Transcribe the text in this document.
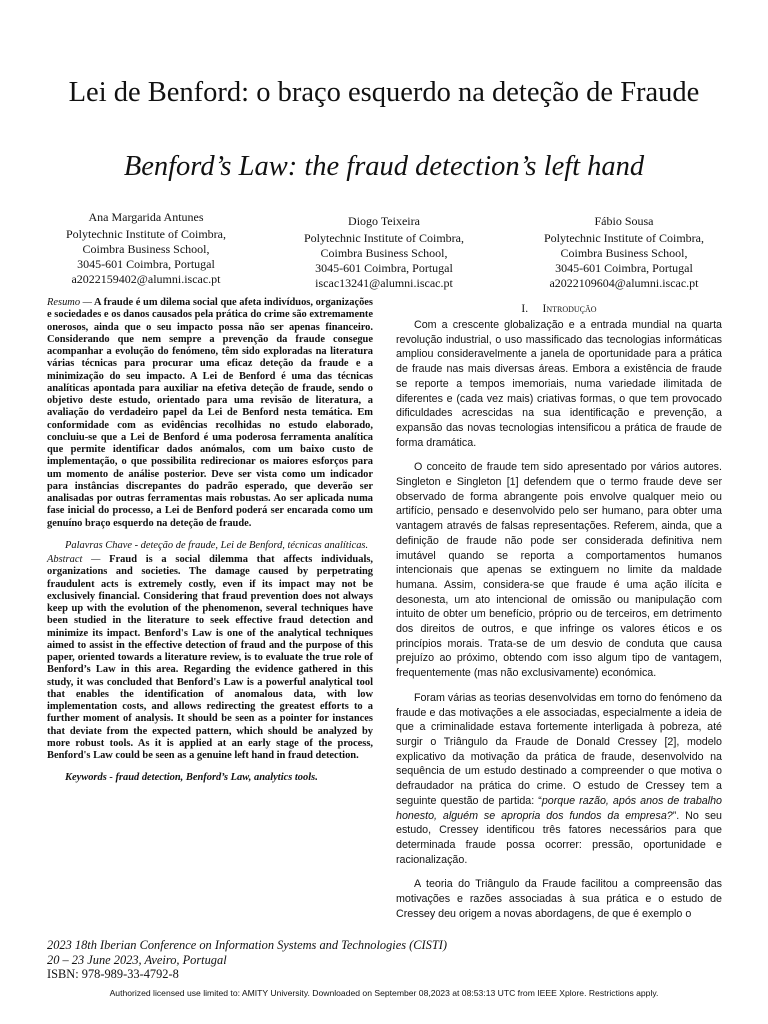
Lei de Benford: o braço esquerdo na deteção de Fraude
Benford’s Law: the fraud detection’s left hand
Ana Margarida Antunes
Polytechnic Institute of Coimbra,
Coimbra Business School,
3045-601 Coimbra, Portugal
a2022159402@alumni.iscac.pt
Diogo Teixeira
Polytechnic Institute of Coimbra,
Coimbra Business School,
3045-601 Coimbra, Portugal
iscac13241@alumni.iscac.pt
Fábio Sousa
Polytechnic Institute of Coimbra,
Coimbra Business School,
3045-601 Coimbra, Portugal
a2022109604@alumni.iscac.pt

Resumo — A fraude é um dilema social que afeta indivíduos, organizações e sociedades e os danos causados pela prática do crime são extremamente onerosos, ainda que o seu impacto possa não ser apenas financeiro. Considerando que nem sempre a prevenção da fraude consegue acompanhar a evolução do fenómeno, têm sido exploradas na literatura várias técnicas para procurar uma eficaz deteção da fraude e a minimização do seu impacto. A Lei de Benford é uma das técnicas analíticas apontada para auxiliar na efetiva deteção de fraude, sendo o objetivo deste estudo, orientado para uma revisão de literatura, a avaliação do verdadeiro papel da Lei de Benford nesta temática. Em conformidade com as evidências recolhidas no estudo elaborado, concluiu-se que a Lei de Benford é uma poderosa ferramenta analítica que permite identificar dados anómalos, com um baixo custo de implementação, o que possibilita redirecionar os maiores esforços para um momento de análise posterior. Deve ser vista como um indicador para instâncias discrepantes do padrão esperado, que deverão ser analisadas por outras ferramentas mais robustas. Ao ser aplicada numa fase inicial do processo, a Lei de Benford poderá ser encarada como um genuíno braço esquerdo na deteção de fraude.

Palavras Chave - deteção de fraude, Lei de Benford, técnicas analíticas.

Abstract — Fraud is a social dilemma that affects individuals, organizations and societies. The damage caused by perpetrating fraudulent acts is extremely costly, even if its impact may not be exclusively financial. Considering that fraud prevention does not always keep up with the evolution of the phenomenon, several techniques have been studied in the literature to seek effective fraud detection and minimize its impact. Benford's Law is one of the analytical techniques aimed to assist in the effective detection of fraud and the purpose of this paper, oriented towards a literature review, is to evaluate the true role of Benford’s Law in this area. Regarding the evidence gathered in this study, it was concluded that Benford's Law is a powerful analytical tool that enables the identification of anomalous data, with low implementation costs, and allows redirecting the greatest efforts to a further moment of analysis. It should be seen as a pointer for instances that deviate from the expected pattern, which should be analyzed by more robust tools. As it is applied at an early stage of the process, Benford's Law could be seen as a genuine left hand in fraud detection.

Keywords - fraud detection, Benford’s Law, analytics tools.

I. Introdução

Com a crescente globalização e a entrada mundial na quarta revolução industrial, o uso massificado das tecnologias informáticas ampliou consideravelmente a janela de oportunidade para a prática de fraude nas mais diversas áreas. Embora a existência de fraude se reporte a tempos imemoriais, numa variedade ilimitada de diferentes e (cada vez mais) criativas formas, o que tem provocado dificuldades acrescidas na sua identificação e prevenção, a expansão das novas tecnologias intensificou a prática de fraude de forma dramática.

O conceito de fraude tem sido apresentado por vários autores. Singleton e Singleton [1] defendem que o termo fraude deve ser observado de forma abrangente pois envolve qualquer meio ou artifício, pensado e desenvolvido pelo ser humano, para obter uma vantagem através de falsas representações. Referem, ainda, que a definição de fraude não pode ser considerada definitiva nem imutável quando se reporta a comportamentos humanos intencionais que apenas se extinguem no limite da maldade humana. Assim, considera-se que fraude é uma ação ilícita e desonesta, um ato intencional de omissão ou manipulação com intuito de obter um benefício, próprio ou de terceiros, em detrimento dos direitos de outros, e que infringe os valores éticos e os princípios morais. Trata-se de um desvio de conduta que causa prejuízo ao próximo, obtendo com isso algum tipo de vantagem, frequentemente (mas não exclusivamente) económica.

Foram várias as teorias desenvolvidas em torno do fenómeno da fraude e das motivações a ele associadas, especialmente a ideia de que a criminalidade estava fortemente interligada à pobreza, até surgir o Triângulo da Fraude de Donald Cressey [2], modelo explicativo da motivação da prática de fraude, desenvolvido na sequência de um estudo destinado a compreender o que motiva o defraudador na prática do crime. O estudo de Cressey tem a seguinte questão de partida: “porque razão, após anos de trabalho honesto, alguém se apropria dos fundos da empresa?”. No seu estudo, Cressey identificou três fatores necessários para que determinada fraude possa ocorrer: pressão, oportunidade e racionalização.

A teoria do Triângulo da Fraude facilitou a compreensão das motivações e razões associadas à sua prática e o estudo de Cressey deu origem a novas abordagens, de que é exemplo o

2023 18th Iberian Conference on Information Systems and Technologies (CISTI)
20 – 23 June 2023, Aveiro, Portugal
ISBN: 978-989-33-4792-8
Authorized licensed use limited to: AMITY University. Downloaded on September 08,2023 at 08:53:13 UTC from IEEE Xplore. Restrictions apply.
